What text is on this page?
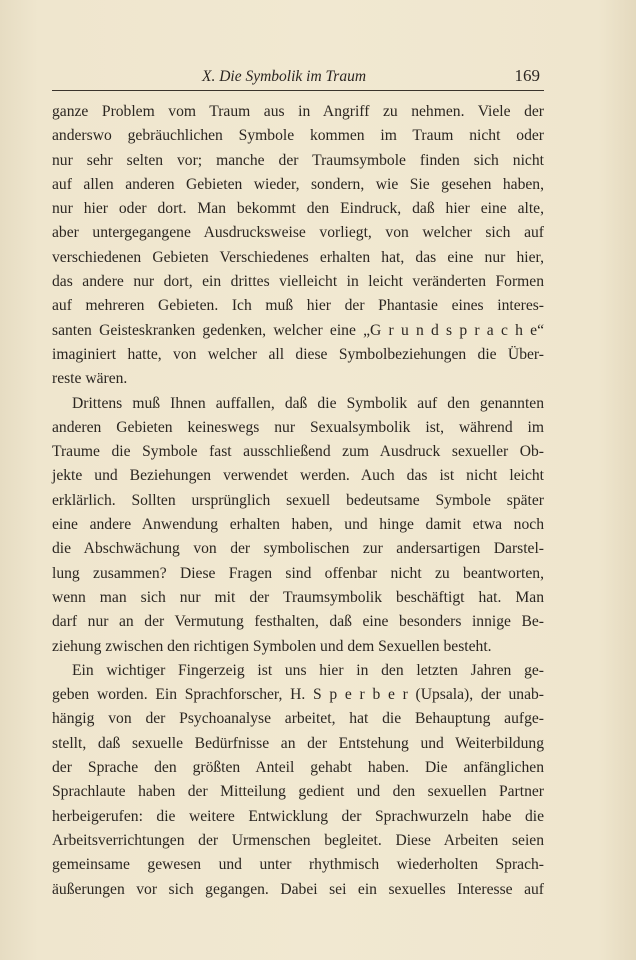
X. Die Symbolik im Traum	169
ganze Problem vom Traum aus in Angriff zu nehmen. Viele der
anderswo gebräuchlichen Symbole kommen im Traum nicht oder
nur sehr selten vor; manche der Traumsymbole finden sich nicht
auf allen anderen Gebieten wieder, sondern, wie Sie gesehen haben,
nur hier oder dort. Man bekommt den Eindruck, daß hier eine alte,
aber untergegangene Ausdrucksweise vorliegt, von welcher sich auf
verschiedenen Gebieten Verschiedenes erhalten hat, das eine nur hier,
das andere nur dort, ein drittes vielleicht in leicht veränderten Formen
auf mehreren Gebieten. Ich muß hier der Phantasie eines interes-
santen Geisteskranken gedenken, welcher eine „G r u n d s p r a c h e“
imaginiert hatte, von welcher all diese Symbolbeziehungen die Über-
reste wären.
Drittens muß Ihnen auffallen, daß die Symbolik auf den genannten
anderen Gebieten keineswegs nur Sexualsymbolik ist, während im
Traume die Symbole fast ausschließend zum Ausdruck sexueller Ob-
jekte und Beziehungen verwendet werden. Auch das ist nicht leicht
erklärlich. Sollten ursprünglich sexuell bedeutsame Symbole später
eine andere Anwendung erhalten haben, und hinge damit etwa noch
die Abschwächung von der symbolischen zur andersartigen Darstel-
lung zusammen? Diese Fragen sind offenbar nicht zu beantworten,
wenn man sich nur mit der Traumsymbolik beschäftigt hat. Man
darf nur an der Vermutung festhalten, daß eine besonders innige Be-
ziehung zwischen den richtigen Symbolen und dem Sexuellen besteht.
Ein wichtiger Fingerzeig ist uns hier in den letzten Jahren ge-
geben worden. Ein Sprachforscher, H. S p e r b e r (Upsala), der unab-
hängig von der Psychoanalyse arbeitet, hat die Behauptung aufge-
stellt, daß sexuelle Bedürfnisse an der Entstehung und Weiterbildung
der Sprache den größten Anteil gehabt haben. Die anfänglichen
Sprachlaute haben der Mitteilung gedient und den sexuellen Partner
herbeigerufen: die weitere Entwicklung der Sprachwurzeln habe die
Arbeitsverrichtungen der Urmenschen begleitet. Diese Arbeiten seien
gemeinsame gewesen und unter rhythmisch wiederholten Sprach-
äußerungen vor sich gegangen. Dabei sei ein sexuelles Interesse auf
